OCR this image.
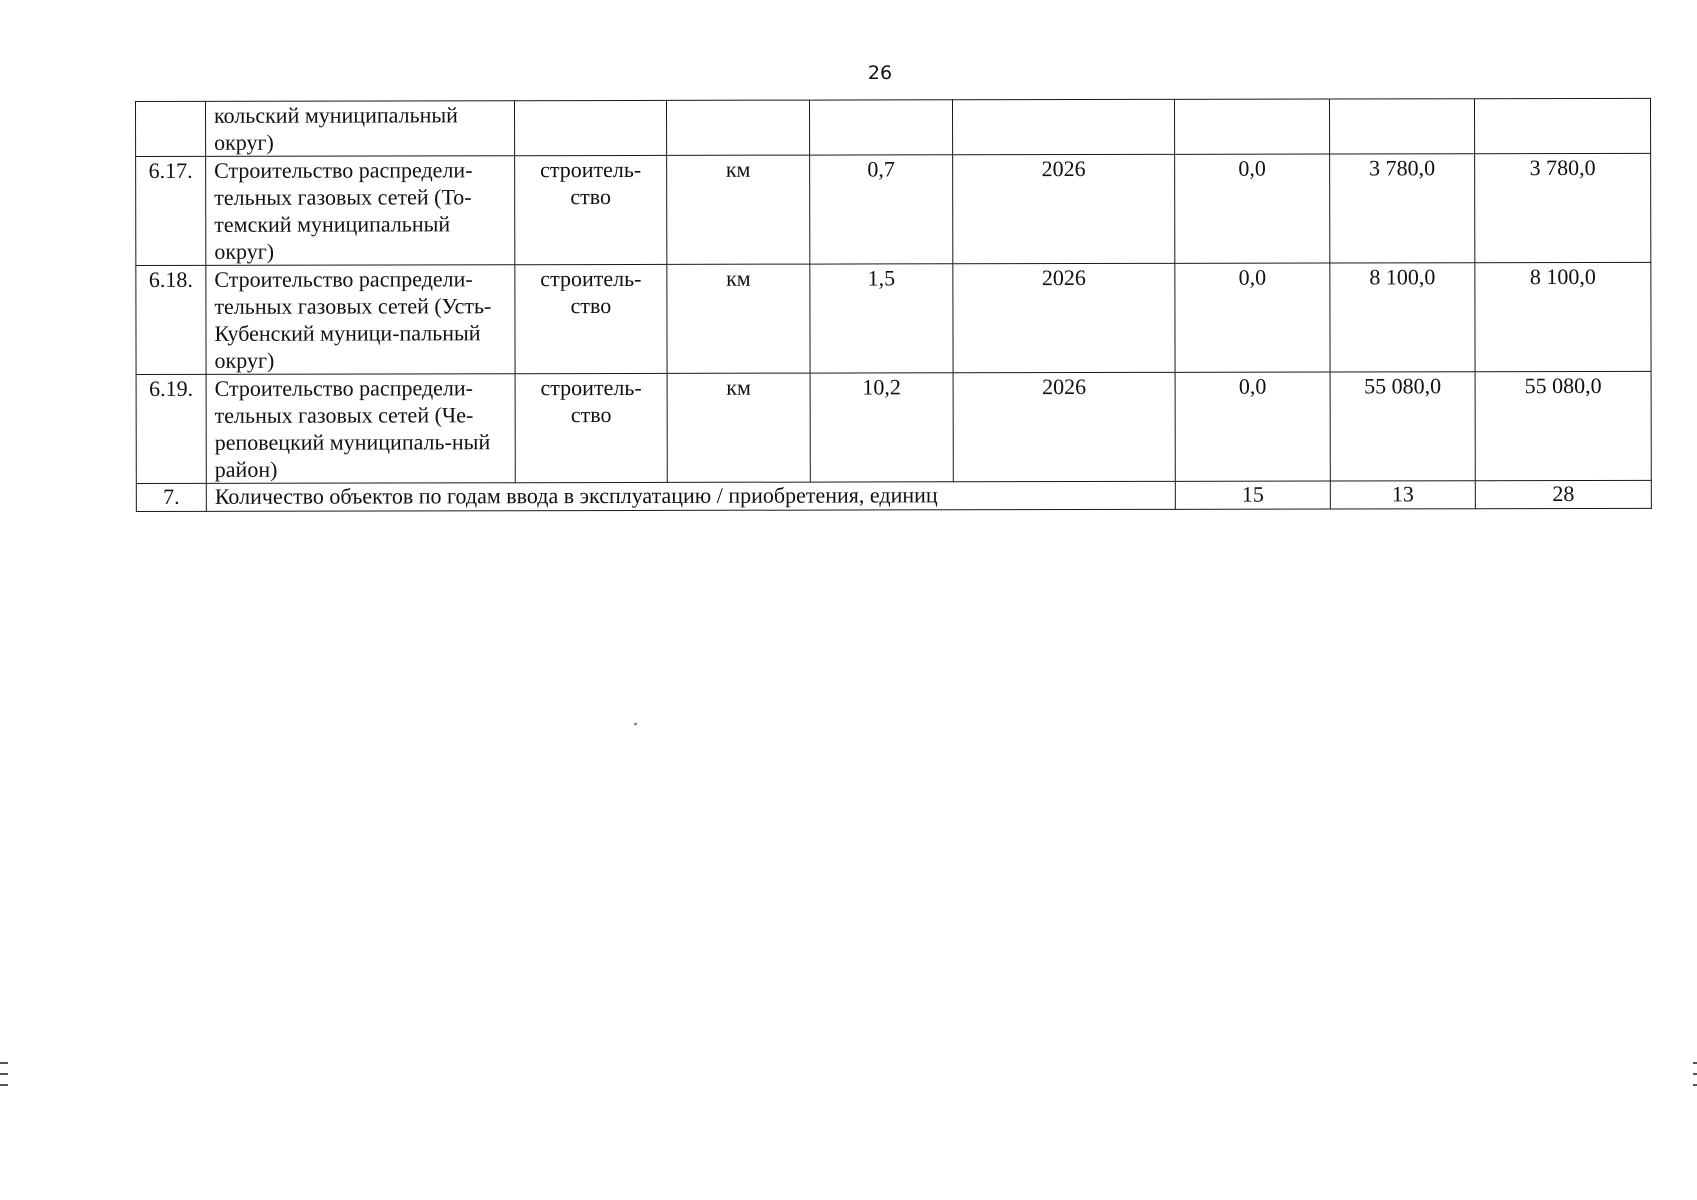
26
	кольский муниципальный округ)							
6.17.	Строительство распредели-тельных газовых сетей (То-темский муниципальный округ)	строитель-ство	км	0,7	2026	0,0	3 780,0	3 780,0
6.18.	Строительство распредели-тельных газовых сетей (Усть-Кубенский муници-пальный округ)	строитель-ство	км	1,5	2026	0,0	8 100,0	8 100,0
6.19.	Строительство распредели-тельных газовых сетей (Че-реповецкий муниципаль-ный район)	строитель-ство	км	10,2	2026	0,0	55 080,0	55 080,0
7.	Количество объектов по годам ввода в эксплуатацию / приобретения, единиц					15	13	28
